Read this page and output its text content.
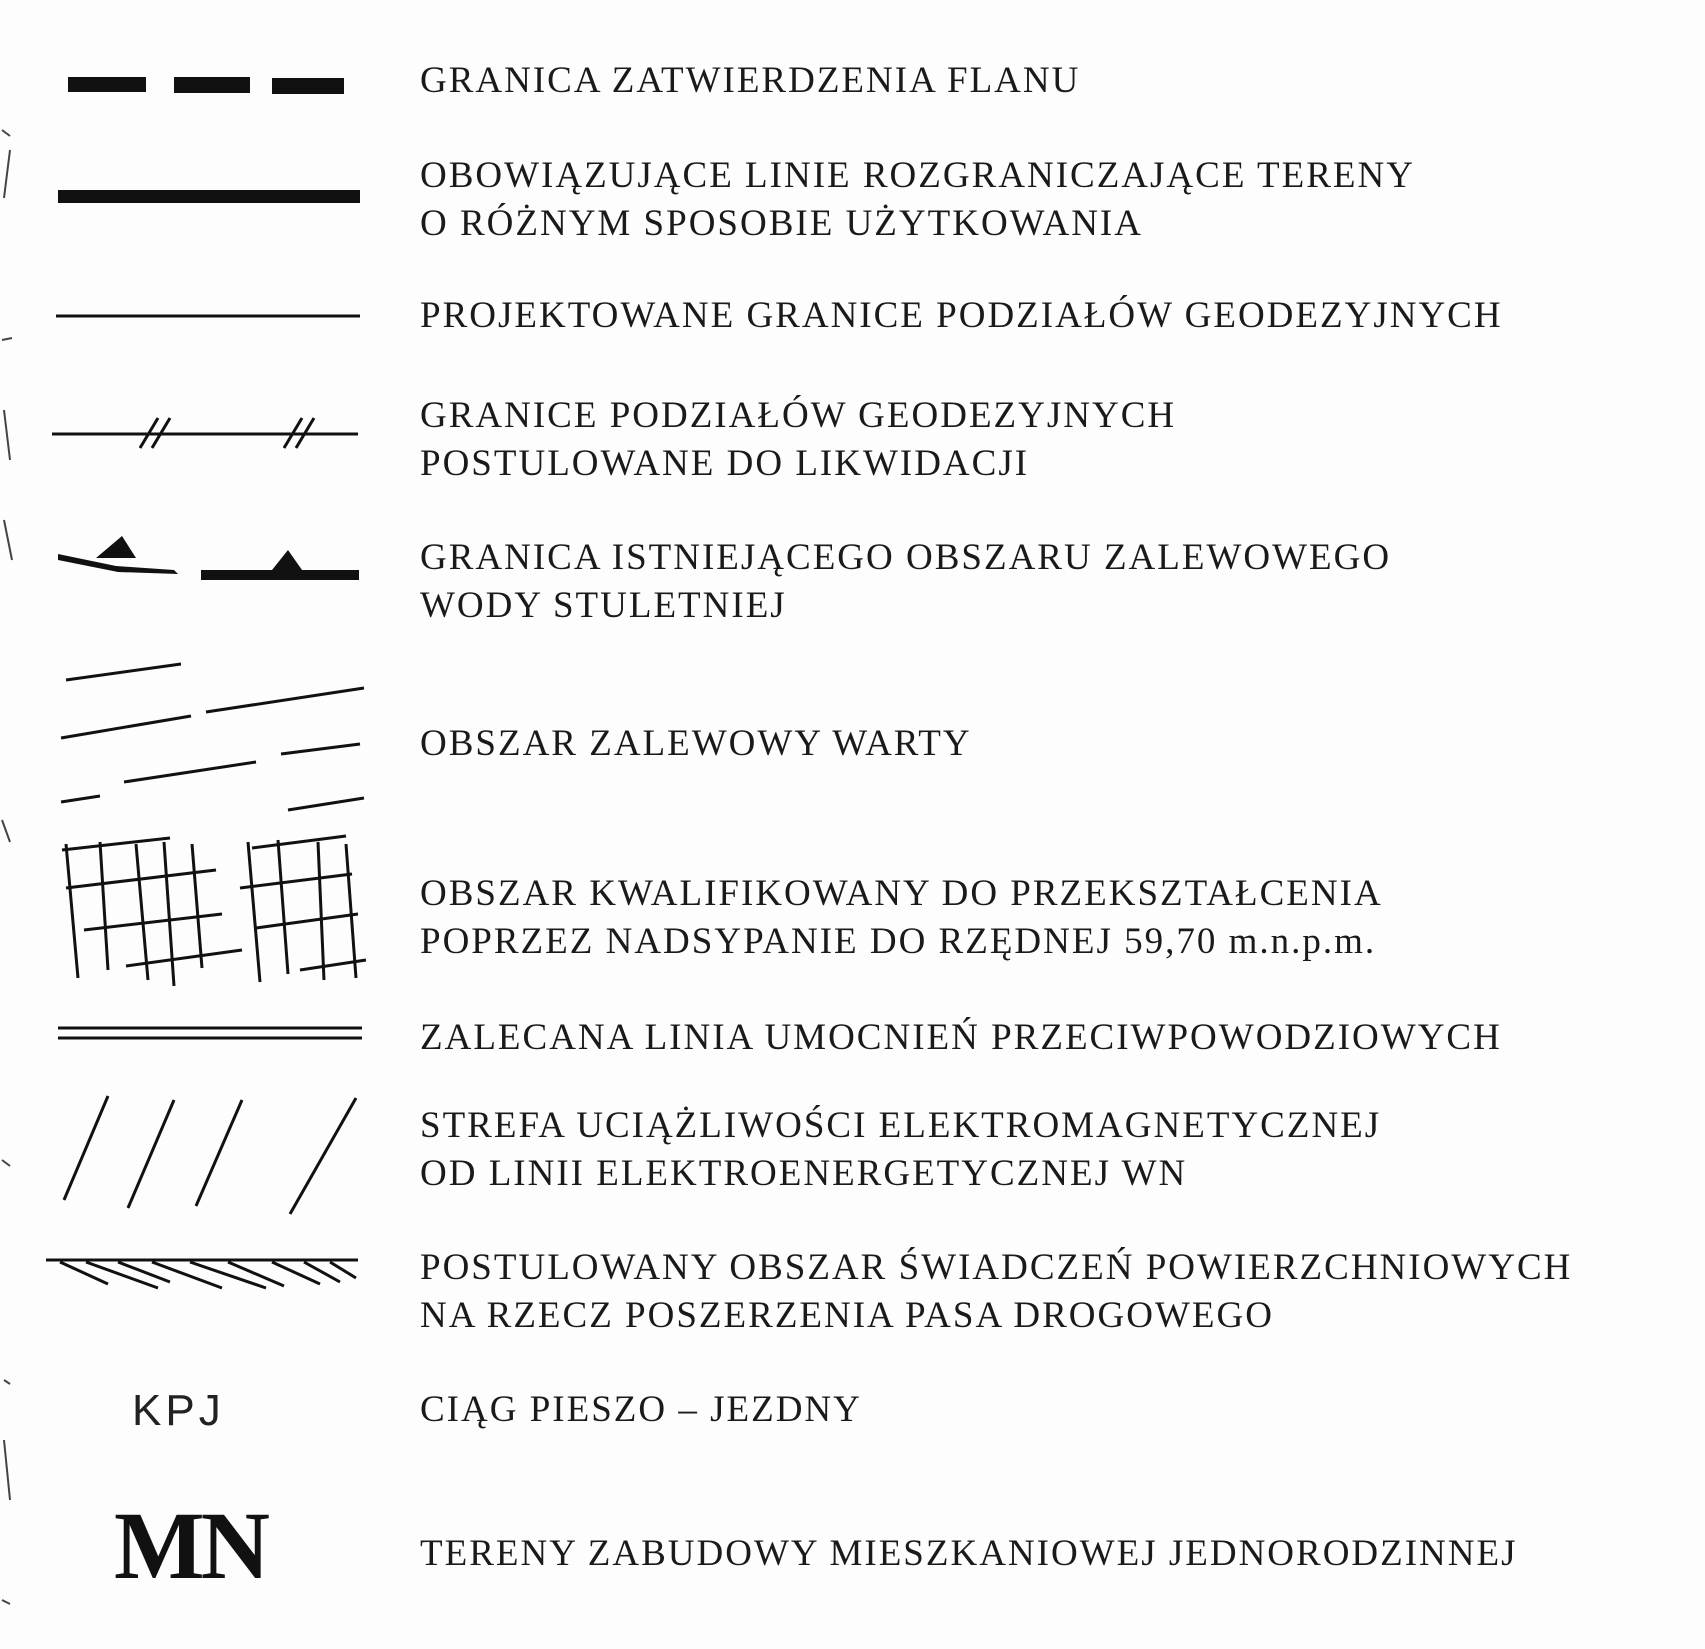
GRANICA ZATWIERDZENIA FLANU
OBOWIĄZUJĄCE LINIE ROZGRANICZAJĄCE TERENY
O RÓŻNYM SPOSOBIE UŻYTKOWANIA
PROJEKTOWANE GRANICE PODZIAŁÓW GEODEZYJNYCH
GRANICE PODZIAŁÓW GEODEZYJNYCH
POSTULOWANE DO LIKWIDACJI
GRANICA ISTNIEJĄCEGO OBSZARU ZALEWOWEGO
WODY STULETNIEJ
OBSZAR ZALEWOWY WARTY
OBSZAR KWALIFIKOWANY DO PRZEKSZTAŁCENIA
POPRZEZ NADSYPANIE DO RZĘDNEJ 59,70 m.n.p.m.
ZALECANA LINIA UMOCNIEŃ PRZECIWPOWODZIOWYCH
STREFA UCIĄŻLIWOŚCI ELEKTROMAGNETYCZNEJ
OD LINII ELEKTROENERGETYCZNEJ WN
POSTULOWANY OBSZAR ŚWIADCZEŃ POWIERZCHNIOWYCH
NA RZECZ POSZERZENIA PASA DROGOWEGO
KPJ	CIĄG PIESZO – JEZDNY
MN	TERENY ZABUDOWY MIESZKANIOWEJ JEDNORODZINNEJ
